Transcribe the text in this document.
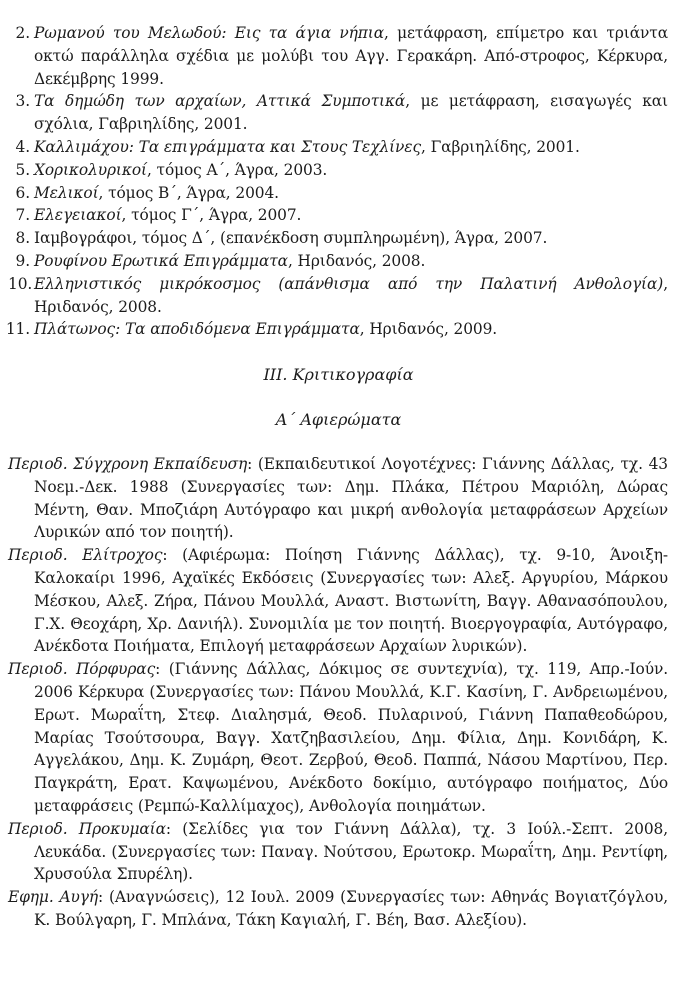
2. Ρωμανού του Μελωδού: Εις τα άγια νήπια, μετάφραση, επίμετρο και τριάντα οκτώ παράλληλα σχέδια με μολύβι του Αγγ. Γερακάρη. Από-στροφος, Κέρκυρα, Δεκέμβρης 1999.
3. Τα δημώδη των αρχαίων, Αττικά Συμποτικά, με μετάφραση, εισαγωγές και σχόλια, Γαβριηλίδης, 2001.
4. Καλλιμάχου: Τα επιγράμματα και Στους Τεχλίνες, Γαβριηλίδης, 2001.
5. Χορικολυρικοί, τόμος Α΄, Άγρα, 2003.
6. Μελικοί, τόμος Β΄, Άγρα, 2004.
7. Ελεγειακοί, τόμος Γ΄, Άγρα, 2007.
8. Ιαμβογράφοι, τόμος Δ΄, (επανέκδοση συμπληρωμένη), Άγρα, 2007.
9. Ρουφίνου Ερωτικά Επιγράμματα, Ηριδανός, 2008.
10. Ελληνιστικός μικρόκοσμος (απάνθισμα από την Παλατινή Ανθολογία), Ηριδανός, 2008.
11. Πλάτωνος: Τα αποδιδόμενα Επιγράμματα, Ηριδανός, 2009.
III. Κριτικογραφία
Α΄ Αφιερώματα

Περιοδ. Σύγχρονη Εκπαίδευση: (Εκπαιδευτικοί Λογοτέχνες: Γιάννης Δάλλας, τχ. 43 Νοεμ.-Δεκ. 1988 (Συνεργασίες των: Δημ. Πλάκα, Πέτρου Μαριόλη, Δώρας Μέντη, Θαν. Μποζιάρη Αυτόγραφο και μικρή ανθολογία μεταφράσεων Αρχείων Λυρικών από τον ποιητή).

Περιοδ. Ελίτροχος: (Αφιέρωμα: Ποίηση Γιάννης Δάλλας), τχ. 9-10, Άνοιξη-Καλοκαίρι 1996, Αχαϊκές Εκδόσεις (Συνεργασίες των: Αλεξ. Αργυρίου, Μάρκου Μέσκου, Αλεξ. Ζήρα, Πάνου Μουλλά, Αναστ. Βιστωνίτη, Βαγγ. Αθανασόπουλου, Γ.Χ. Θεοχάρη, Χρ. Δανιήλ). Συνομιλία με τον ποιητή. Βιοεργογραφία, Αυτόγραφο, Ανέκδοτα Ποιήματα, Επιλογή μεταφράσεων Αρχαίων λυρικών).

Περιοδ. Πόρφυρας: (Γιάννης Δάλλας, Δόκιμος σε συντεχνία), τχ. 119, Απρ.-Ιούν. 2006 Κέρκυρα (Συνεργασίες των: Πάνου Μουλλά, Κ.Γ. Κασίνη, Γ. Ανδρειωμένου, Ερωτ. Μωραΐτη, Στεφ. Διαλησμά, Θεοδ. Πυλαρινού, Γιάννη Παπαθεοδώρου, Μαρίας Τσούτσουρα, Βαγγ. Χατζηβασιλείου, Δημ. Φίλια, Δημ. Κονιδάρη, Κ. Αγγελάκου, Δημ. Κ. Ζυμάρη, Θεοτ. Ζερβού, Θεοδ. Παππά, Νάσου Μαρτίνου, Περ. Παγκράτη, Ερατ. Καψωμένου, Ανέκδοτο δοκίμιο, αυτόγραφο ποιήματος, Δύο μεταφράσεις (Ρεμπώ-Καλλίμαχος), Ανθολογία ποιημάτων.

Περιοδ. Προκυμαία: (Σελίδες για τον Γιάννη Δάλλα), τχ. 3 Ιούλ.-Σεπτ. 2008, Λευκάδα. (Συνεργασίες των: Παναγ. Νούτσου, Ερωτοκρ. Μωραΐτη, Δημ. Ρεντίφη, Χρυσούλα Σπυρέλη).

Εφημ. Αυγή: (Αναγνώσεις), 12 Ιουλ. 2009 (Συνεργασίες των: Αθηνάς Βογιατζόγλου, Κ. Βούλγαρη, Γ. Μπλάνα, Τάκη Καγιαλή, Γ. Βέη, Βασ. Αλεξίου).
